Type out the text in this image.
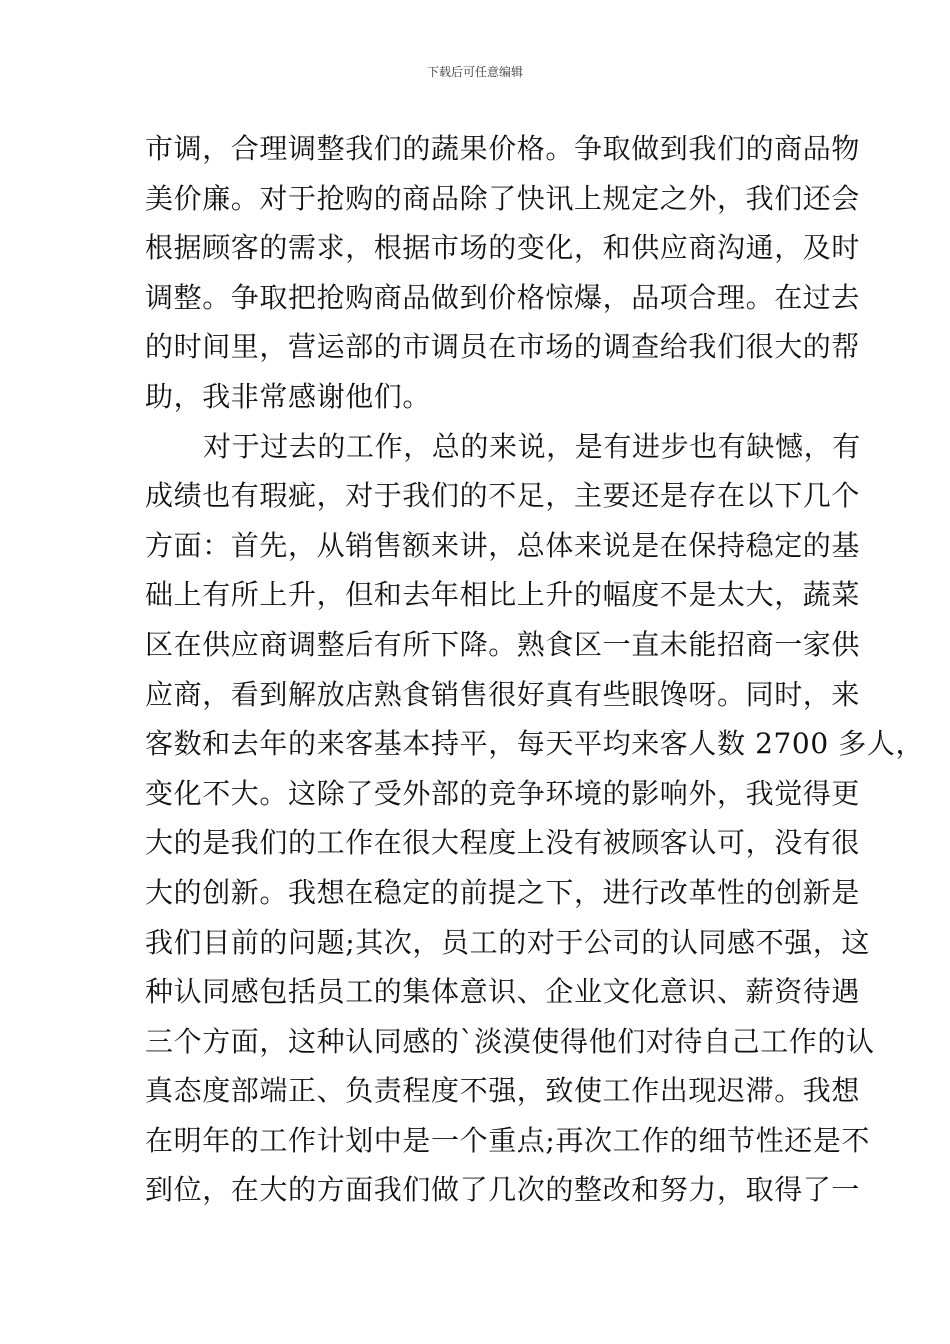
下载后可任意编辑
市调，合理调整我们的蔬果价格。争取做到我们的商品物
美价廉。对于抢购的商品除了快讯上规定之外，我们还会
根据顾客的需求，根据市场的变化，和供应商沟通，及时
调整。争取把抢购商品做到价格惊爆，品项合理。在过去
的时间里，营运部的市调员在市场的调查给我们很大的帮
助，我非常感谢他们。
对于过去的工作，总的来说，是有进步也有缺憾，有
成绩也有瑕疵，对于我们的不足，主要还是存在以下几个
方面：首先，从销售额来讲，总体来说是在保持稳定的基
础上有所上升，但和去年相比上升的幅度不是太大，蔬菜
区在供应商调整后有所下降。熟食区一直未能招商一家供
应商，看到解放店熟食销售很好真有些眼馋呀。同时，来
客数和去年的来客基本持平，每天平均来客人数 2700 多人，
变化不大。这除了受外部的竞争环境的影响外，我觉得更
大的是我们的工作在很大程度上没有被顾客认可，没有很
大的创新。我想在稳定的前提之下，进行改革性的创新是
我们目前的问题;其次，员工的对于公司的认同感不强，这
种认同感包括员工的集体意识、企业文化意识、薪资待遇
三个方面，这种认同感的`淡漠使得他们对待自己工作的认
真态度部端正、负责程度不强，致使工作出现迟滞。我想
在明年的工作计划中是一个重点;再次工作的细节性还是不
到位，在大的方面我们做了几次的整改和努力，取得了一
